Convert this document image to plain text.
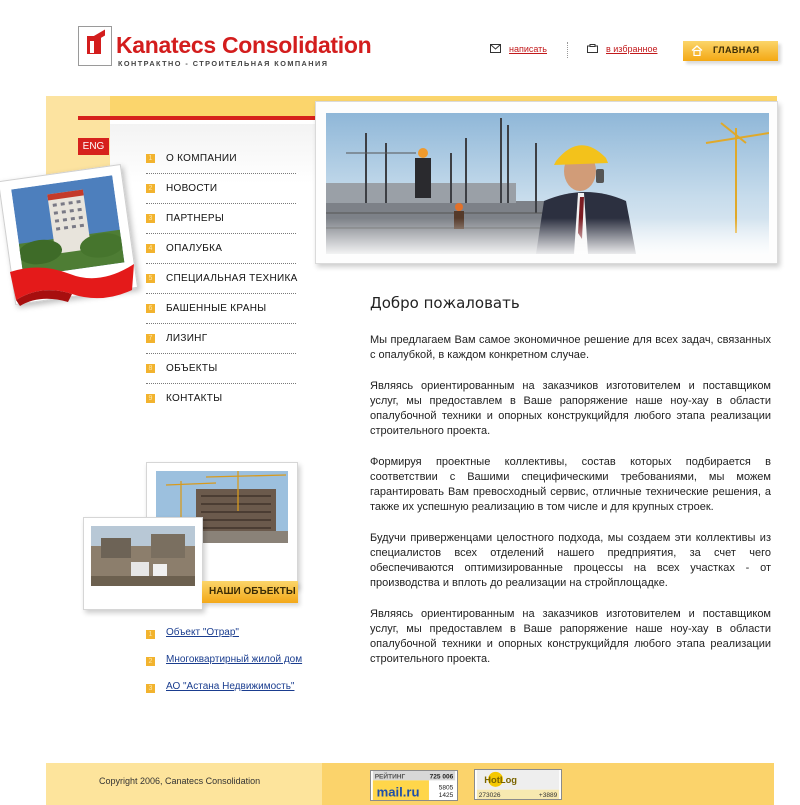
Kanatecs Consolidation
КОНТРАКТНО - СТРОИТЕЛЬНАЯ КОМПАНИЯ
написать	в избранное	ГЛАВНАЯ
ENG
1 О КОМПАНИИ
2 НОВОСТИ
3 ПАРТНЕРЫ
4 ОПАЛУБКА
5 СПЕЦИАЛЬНАЯ ТЕХНИКА
6 БАШЕННЫЕ КРАНЫ
7 ЛИЗИНГ
8 ОБЪЕКТЫ
9 КОНТАКТЫ
НАШИ ОБЪЕКТЫ
1 Объект "Отрар"
2 Многоквартирный жилой дом
3 АО "Астана Недвижимость"
Добро пожаловать

Мы предлагаем Вам самое экономичное решение для всех задач, связанных с опалубкой, в каждом конкретном случае.

Являясь ориентированным на заказчиков изготовителем и поставщиком услуг, мы предоставлем в Ваше рапоряжение наше ноу-хау в области опалубочной техники и опорных конструкцийдля любого этапа реализации строительного проекта.

Формируя проектные коллективы, состав которых подбирается в соответствии с Вашими специфическими требованиями, мы можем гарантировать Вам превосходный сервис, отличные технические решения, а также их успешную реализацию в том числе и для крупных строек.

Будучи приверженцами целостного подхода, мы создаем эти коллективы из специалистов всех отделений нашего предприятия, за счет чего обеспечиваются оптимизированные процессы на всех участках - от производства и вплоть до реализации на стройплощадке.

Являясь ориентированным на заказчиков изготовителем и поставщиком услуг, мы предоставлем в Ваше рапоряжение наше ноу-хау в области опалубочной техники и опорных конструкцийдля любого этапа реализации строительного проекта.

Copyright 2006, Canatecs Consolidation	РЕЙТИНГ	725 006
mail.ru	5805
1425
HotLog
273026	+3889
